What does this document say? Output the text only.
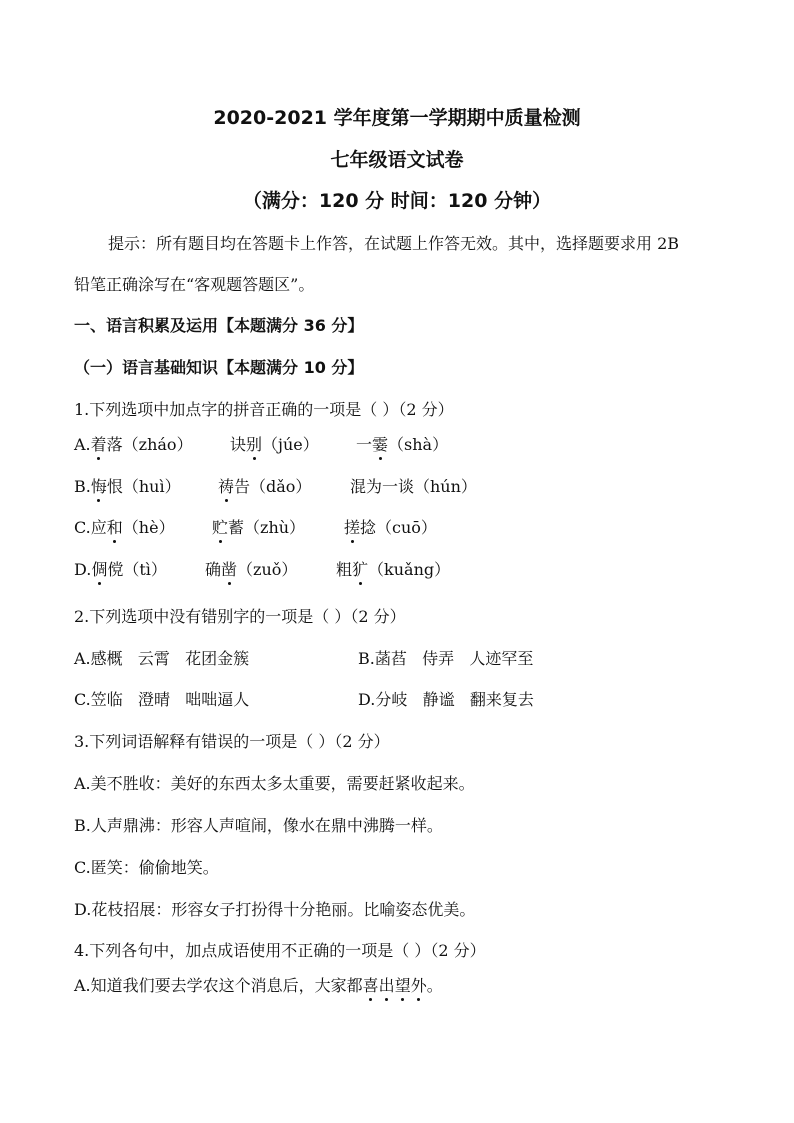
2020-2021 学年度第一学期期中质量检测
七年级语文试卷
（满分：120 分 时间：120 分钟）
提示：所有题目均在答题卡上作答，在试题上作答无效。其中，选择题要求用 2B
铅笔正确涂写在“客观题答题区”。
一、语言积累及运用【本题满分 36 分】
（一）语言基础知识【本题满分 10 分】
1.下列选项中加点字的拼音正确的一项是（ ）（2 分）
A.着落（zháo） 诀别（júe） 一霎（shà）
B.悔恨（huì） 祷告（dǎo） 混为一谈（hún）
C.应和（hè） 贮蓄（zhù） 搓捻（cuō）
D.倜傥（tì） 确凿（zuǒ） 粗犷（kuǎng）
2.下列选项中没有错别字的一项是（ ）（2 分）
A.感概   云霄   花团金簇	B.菡萏   侍弄   人迹罕至
C.笠临   澄晴   咄咄逼人	D.分岐   静谧   翻来复去
3.下列词语解释有错误的一项是（ ）（2 分）
A.美不胜收：美好的东西太多太重要，需要赶紧收起来。
B.人声鼎沸：形容人声喧闹，像水在鼎中沸腾一样。
C.匿笑：偷偷地笑。
D.花枝招展：形容女子打扮得十分艳丽。比喻姿态优美。
4.下列各句中，加点成语使用不正确的一项是（ ）（2 分）
A.知道我们要去学农这个消息后，大家都喜出望外。
